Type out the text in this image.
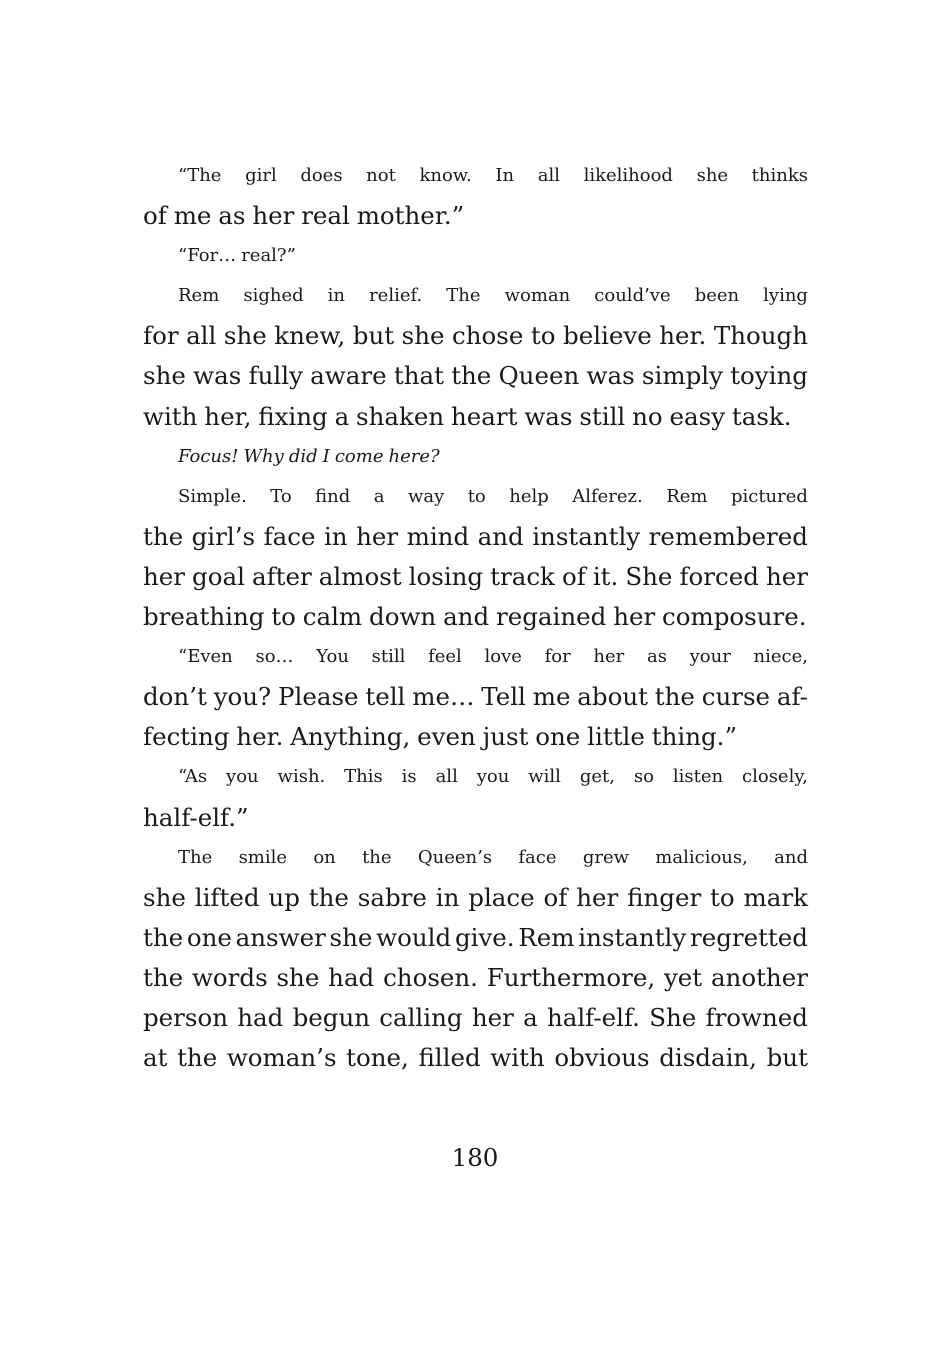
“The girl does not know. In all likelihood she thinks
of me as her real mother.”
“For… real?”
Rem sighed in relief. The woman could’ve been lying
for all she knew, but she chose to believe her. Though
she was fully aware that the Queen was simply toying
with her, fixing a shaken heart was still no easy task.
Focus! Why did I come here?
Simple. To find a way to help Alferez. Rem pictured
the girl’s face in her mind and instantly remembered
her goal after almost losing track of it. She forced her
breathing to calm down and regained her composure.
“Even so… You still feel love for her as your niece,
don’t you? Please tell me… Tell me about the curse af-
fecting her. Anything, even just one little thing.”
“As you wish. This is all you will get, so listen closely,
half-elf.”
The smile on the Queen’s face grew malicious, and
she lifted up the sabre in place of her finger to mark
the one answer she would give. Rem instantly regretted
the words she had chosen. Furthermore, yet another
person had begun calling her a half-elf. She frowned
at the woman’s tone, filled with obvious disdain, but
180
